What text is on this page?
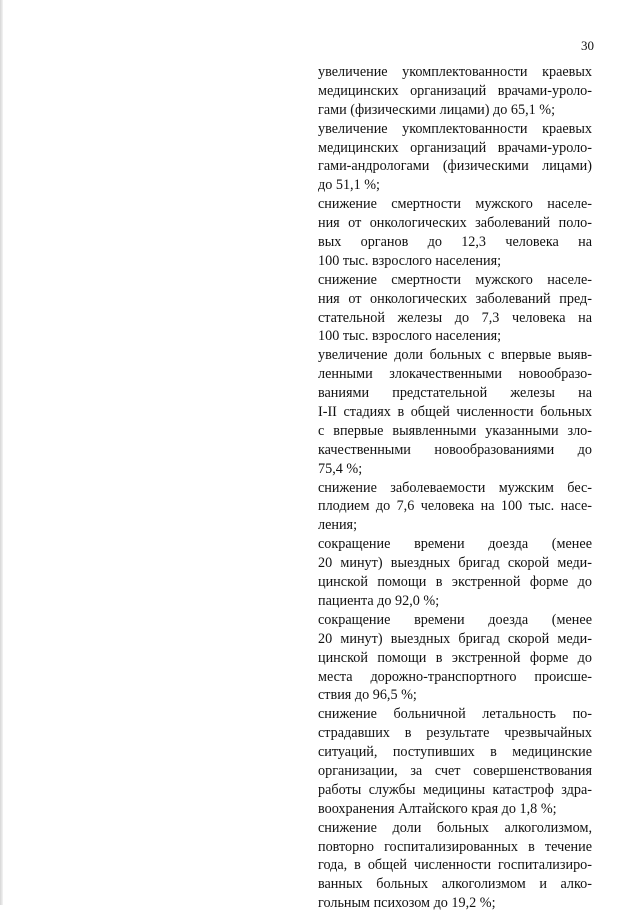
30
увеличение укомплектованности краевых
медицинских организаций врачами-уроло-
гами (физическими лицами) до 65,1 %;
увеличение укомплектованности краевых
медицинских организаций врачами-уроло-
гами-андрологами (физическими лицами)
до 51,1 %;
снижение смертности мужского населе-
ния от онкологических заболеваний поло-
вых органов до 12,3 человека на
100 тыс. взрослого населения;
снижение смертности мужского населе-
ния от онкологических заболеваний пред-
стательной железы до 7,3 человека на
100 тыс. взрослого населения;
увеличение доли больных с впервые выяв-
ленными злокачественными новообразо-
ваниями предстательной железы на
I-II стадиях в общей численности больных
с впервые выявленными указанными зло-
качественными новообразованиями до
75,4 %;
снижение заболеваемости мужским бес-
плодием до 7,6 человека на 100 тыс. насе-
ления;
сокращение времени доезда (менее
20 минут) выездных бригад скорой меди-
цинской помощи в экстренной форме до
пациента до 92,0 %;
сокращение времени доезда (менее
20 минут) выездных бригад скорой меди-
цинской помощи в экстренной форме до
места дорожно-транспортного происше-
ствия до 96,5 %;
снижение больничной летальность по-
страдавших в результате чрезвычайных
ситуаций, поступивших в медицинские
организации, за счет совершенствования
работы службы медицины катастроф здра-
воохранения Алтайского края до 1,8 %;
снижение доли больных алкоголизмом,
повторно госпитализированных в течение
года, в общей численности госпитализиро-
ванных больных алкоголизмом и алко-
гольным психозом до 19,2 %;
